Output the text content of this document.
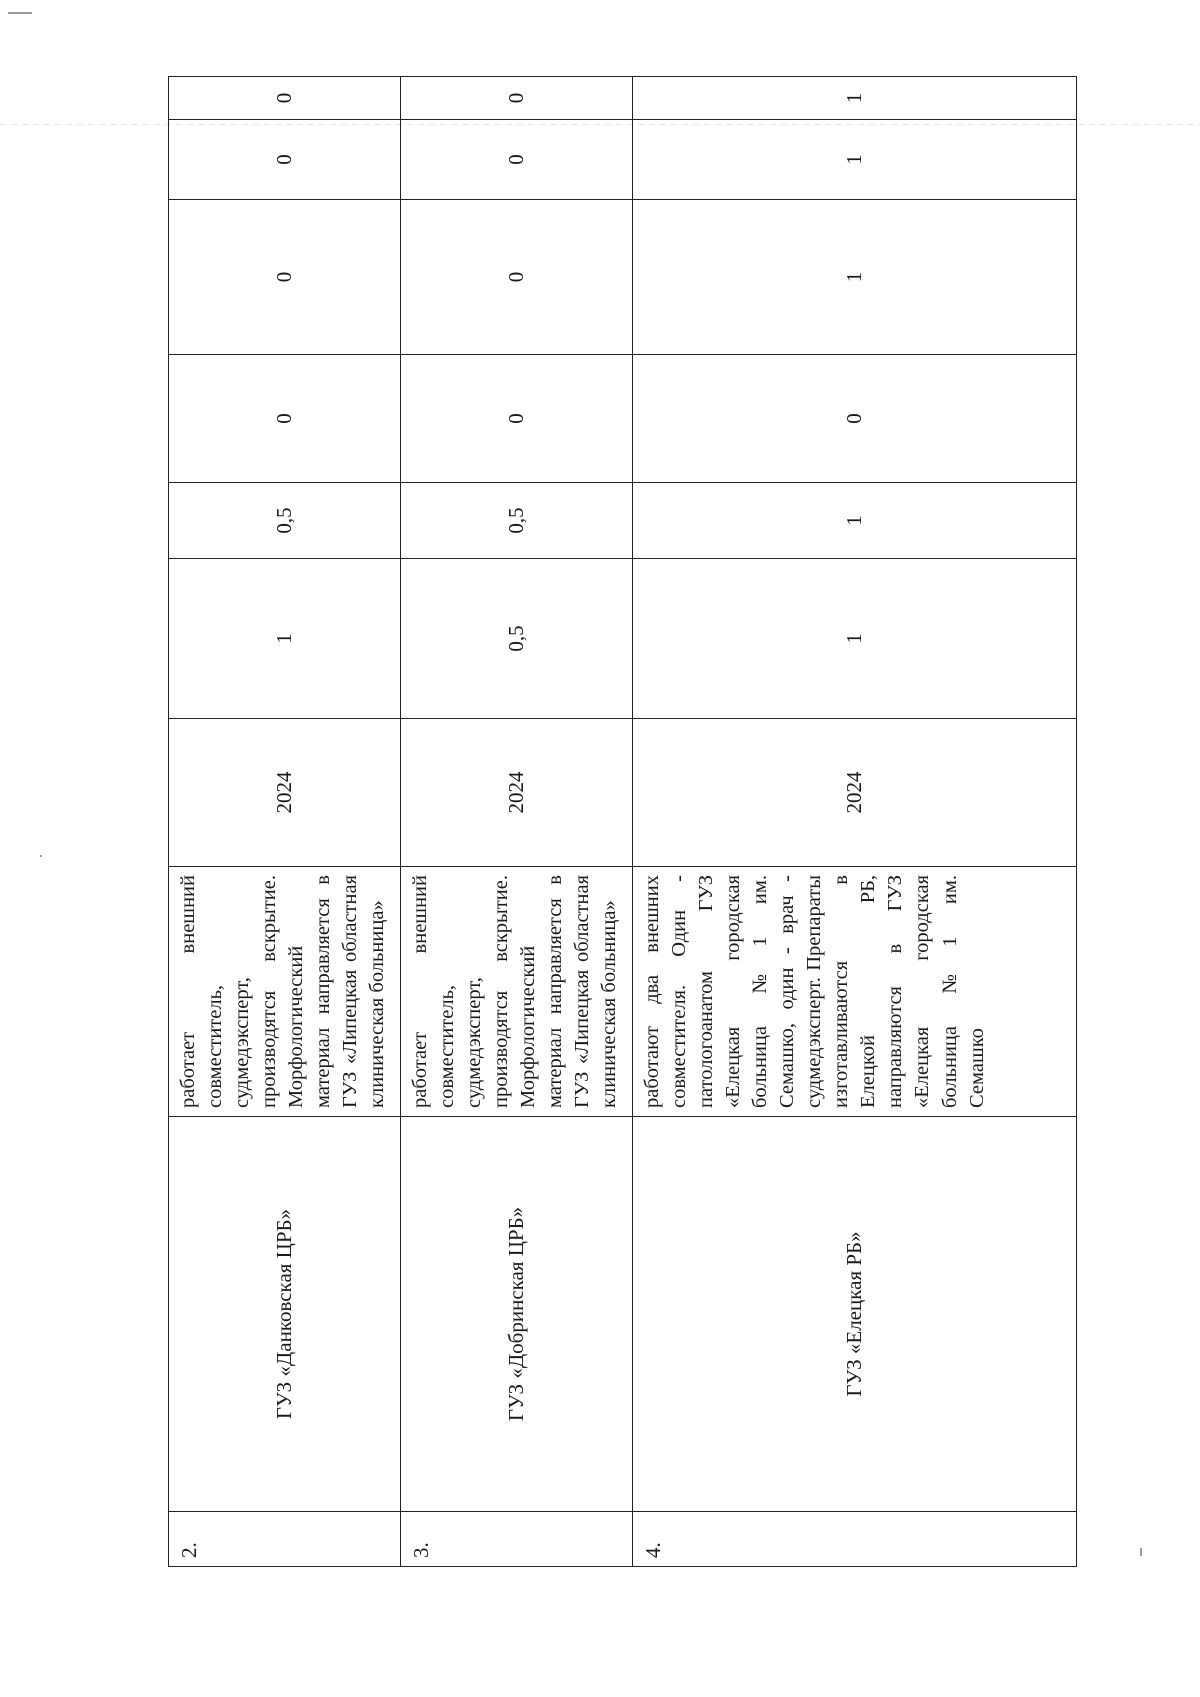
2.	ГУЗ «Данковская ЦРБ»	работает внешний совместитель, судмедэксперт, производятся вскрытие. Морфологический материал направляется в ГУЗ «Липецкая областная клиническая больница»	2024	1	0,5	0	0	0	0
3.	ГУЗ «Добринская ЦРБ»	работает внешний совместитель, судмедэксперт, производятся вскрытие. Морфологический материал направляется в ГУЗ «Липецкая областная клиническая больница»	2024	0,5	0,5	0	0	0	0
4.	ГУЗ «Елецкая РБ»	работают два внешних совместителя. Один - патологоанатом ГУЗ «Елецкая городская больница №1 им. Семашко, один - врач - судмедэксперт. Препараты изготавливаются в Елецкой РБ, направляются в ГУЗ «Елецкая городская больница №1 им. Семашко	2024	1	1	0	1	1	1
